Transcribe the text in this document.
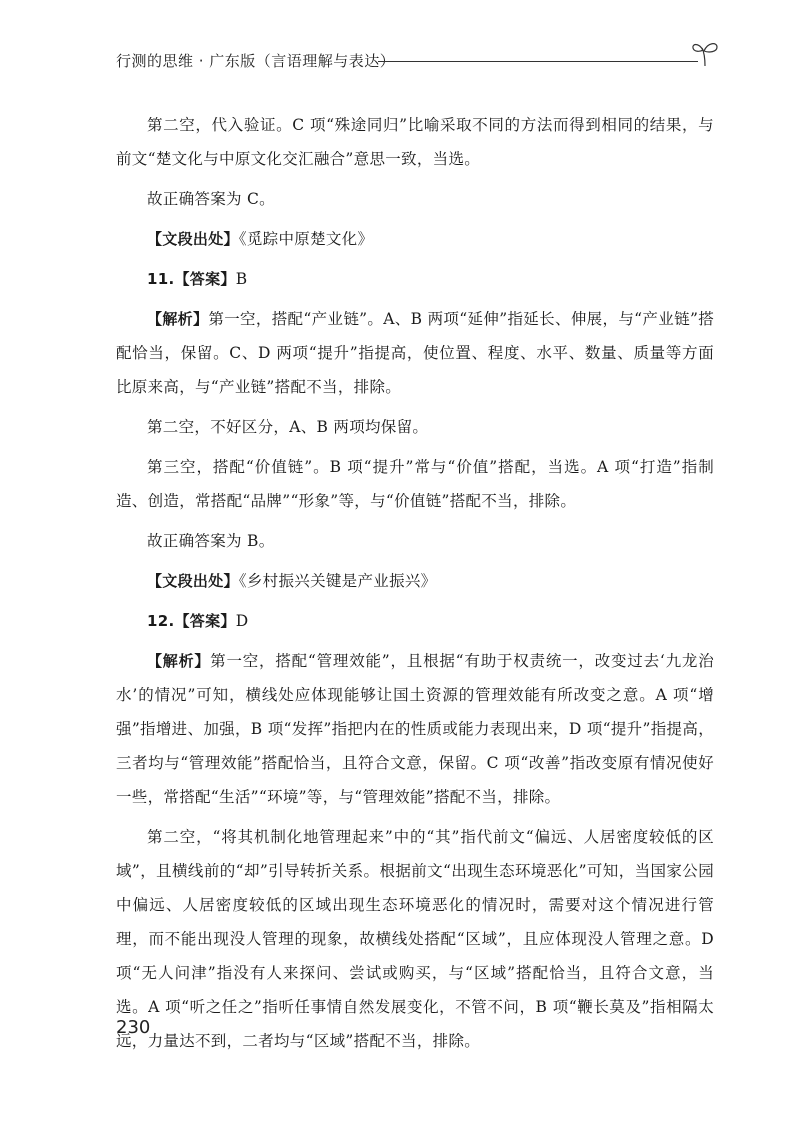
行测的思维 · 广东版（言语理解与表达）

第二空，代入验证。C 项“殊途同归”比喻采取不同的方法而得到相同的结果，与前文“楚文化与中原文化交汇融合”意思一致，当选。

故正确答案为 C。

【文段出处】《觅踪中原楚文化》

11.【答案】B

【解析】第一空，搭配“产业链”。A、B 两项“延伸”指延长、伸展，与“产业链”搭配恰当，保留。C、D 两项“提升”指提高，使位置、程度、水平、数量、质量等方面比原来高，与“产业链”搭配不当，排除。

第二空，不好区分，A、B 两项均保留。

第三空，搭配“价值链”。B 项“提升”常与“价值”搭配，当选。A 项“打造”指制造、创造，常搭配“品牌”“形象”等，与“价值链”搭配不当，排除。

故正确答案为 B。

【文段出处】《乡村振兴关键是产业振兴》

12.【答案】D

【解析】第一空，搭配“管理效能”，且根据“有助于权责统一，改变过去‘九龙治水’的情况”可知，横线处应体现能够让国土资源的管理效能有所改变之意。A 项“增强”指增进、加强，B 项“发挥”指把内在的性质或能力表现出来，D 项“提升”指提高，三者均与“管理效能”搭配恰当，且符合文意，保留。C 项“改善”指改变原有情况使好一些，常搭配“生活”“环境”等，与“管理效能”搭配不当，排除。

第二空，“将其机制化地管理起来”中的“其”指代前文“偏远、人居密度较低的区域”，且横线前的“却”引导转折关系。根据前文“出现生态环境恶化”可知，当国家公园中偏远、人居密度较低的区域出现生态环境恶化的情况时，需要对这个情况进行管理，而不能出现没人管理的现象，故横线处搭配“区域”，且应体现没人管理之意。D 项“无人问津”指没有人来探问、尝试或购买，与“区域”搭配恰当，且符合文意，当选。A 项“听之任之”指听任事情自然发展变化，不管不问，B 项“鞭长莫及”指相隔太远，力量达不到，二者均与“区域”搭配不当，排除。

230
